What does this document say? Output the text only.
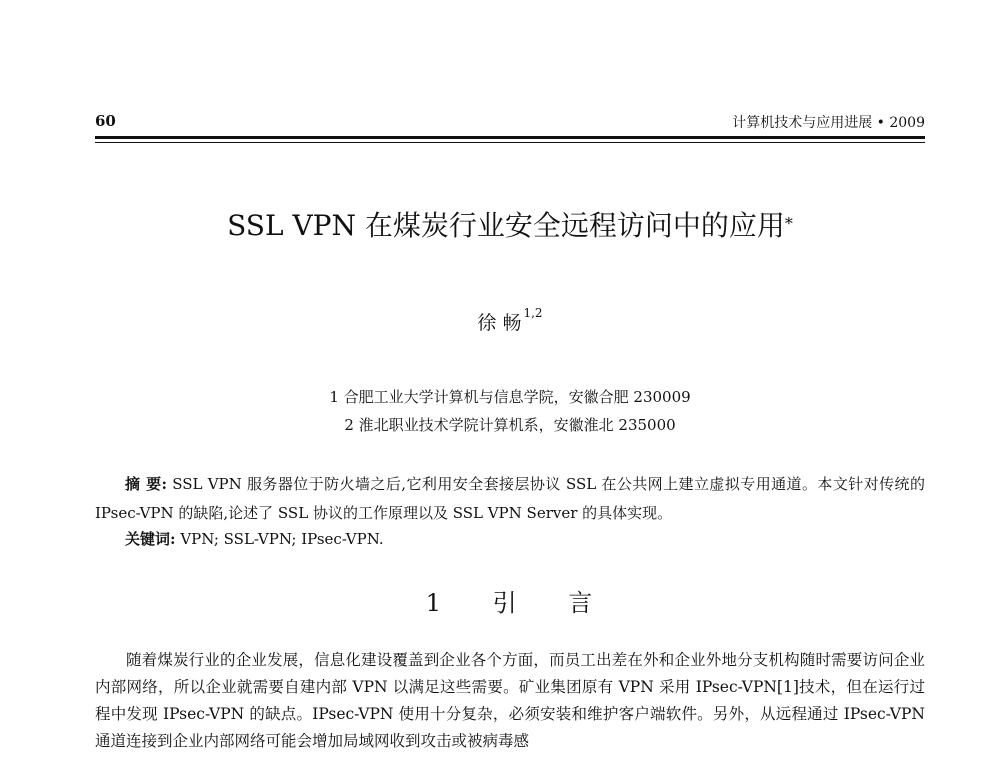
60	计算机技术与应用进展 • 2009
SSL VPN 在煤炭行业安全远程访问中的应用*
徐 畅 $^{1,2}$
1 合肥工业大学计算机与信息学院，安徽合肥 230009
2 淮北职业技术学院计算机系，安徽淮北 235000
摘 要: SSL VPN 服务器位于防火墙之后,它利用安全套接层协议 SSL 在公共网上建立虚拟专用通道。本文针对传统的 IPsec-VPN 的缺陷,论述了 SSL 协议的工作原理以及 SSL VPN Server 的具体实现。
关键词: VPN; SSL-VPN; IPsec-VPN.
1 引 言
随着煤炭行业的企业发展，信息化建设覆盖到企业各个方面，而员工出差在外和企业外地分支机构随时需要访问企业内部网络，所以企业就需要自建内部 VPN 以满足这些需要。矿业集团原有 VPN 采用 IPsec-VPN[1]技术，但在运行过程中发现 IPsec-VPN 的缺点。IPsec-VPN 使用十分复杂，必须安装和维护客户端软件。另外，从远程通过 IPsec-VPN 通道连接到企业内部网络可能会增加局域网收到攻击或被病毒感
